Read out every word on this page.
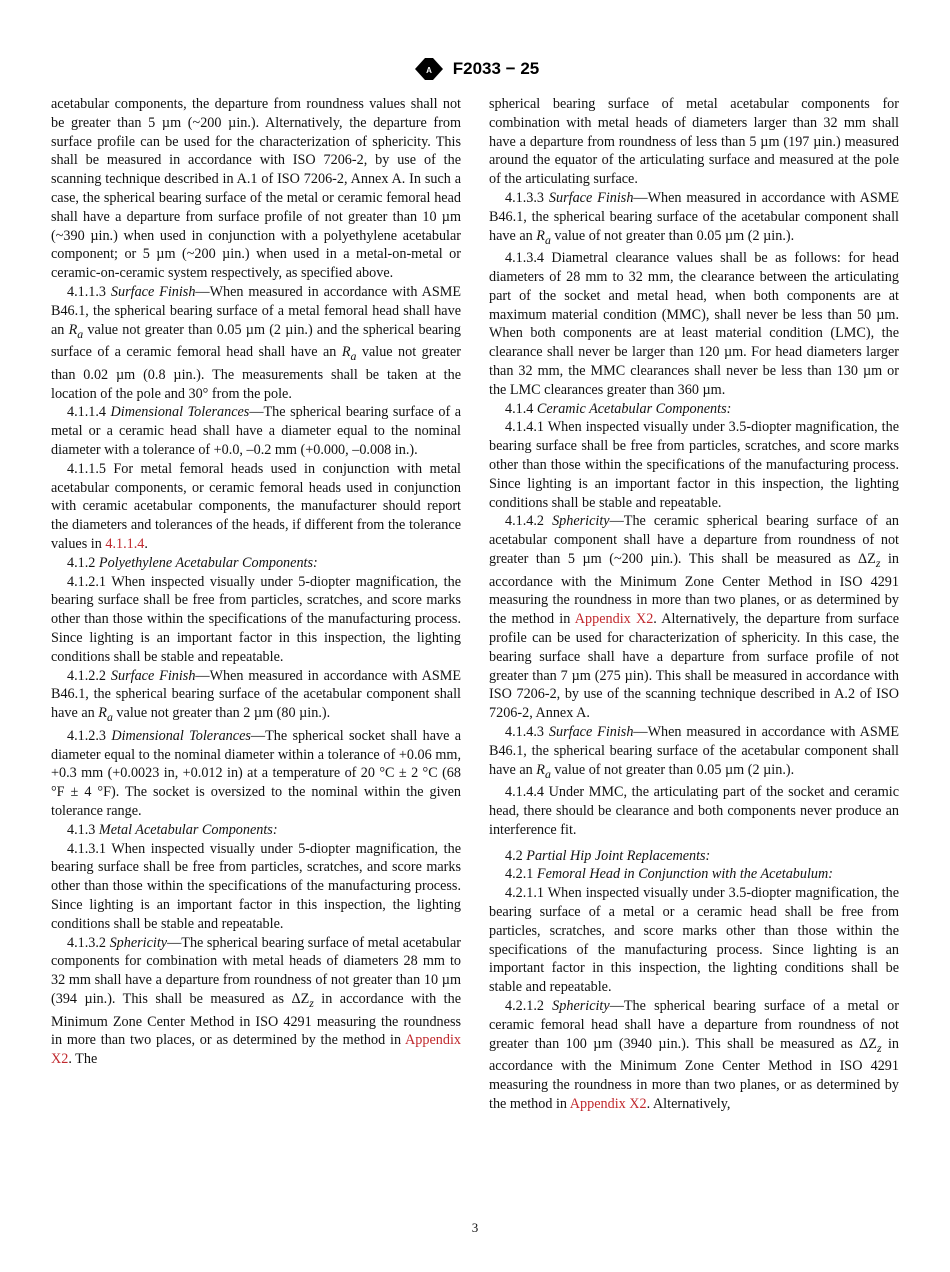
A F2033 − 25

acetabular components, the departure from roundness values shall not be greater than 5 µm (~200 µin.). Alternatively, the departure from surface profile can be used for the characterization of sphericity. This shall be measured in accordance with ISO 7206-2, by use of the scanning technique described in A.1 of ISO 7206-2, Annex A. In such a case, the spherical bearing surface of the metal or ceramic femoral head shall have a departure from surface profile of not greater than 10 µm (~390 µin.) when used in conjunction with a polyethylene acetabular component; or 5 µm (~200 µin.) when used in a metal-on-metal or ceramic-on-ceramic system respectively, as specified above.

4.1.1.3 Surface Finish—When measured in accordance with ASME B46.1, the spherical bearing surface of a metal femoral head shall have an $R_a$ value not greater than 0.05 µm (2 µin.) and the spherical bearing surface of a ceramic femoral head shall have an $R_a$ value not greater than 0.02 µm (0.8 µin.). The measurements shall be taken at the location of the pole and 30° from the pole.

4.1.1.4 Dimensional Tolerances—The spherical bearing surface of a metal or a ceramic head shall have a diameter equal to the nominal diameter with a tolerance of +0.0, –0.2 mm (+0.000, –0.008 in.).

4.1.1.5 For metal femoral heads used in conjunction with metal acetabular components, or ceramic femoral heads used in conjunction with ceramic acetabular components, the manufacturer should report the diameters and tolerances of the heads, if different from the tolerance values in 4.1.1.4.

4.1.2 Polyethylene Acetabular Components:

4.1.2.1 When inspected visually under 5-diopter magnification, the bearing surface shall be free from particles, scratches, and score marks other than those within the specifications of the manufacturing process. Since lighting is an important factor in this inspection, the lighting conditions shall be stable and repeatable.

4.1.2.2 Surface Finish—When measured in accordance with ASME B46.1, the spherical bearing surface of the acetabular component shall have an $R_a$ value not greater than 2 µm (80 µin.).

4.1.2.3 Dimensional Tolerances—The spherical socket shall have a diameter equal to the nominal diameter within a tolerance of +0.06 mm, +0.3 mm (+0.0023 in, +0.012 in) at a temperature of 20 °C ± 2 °C (68 °F ± 4 °F). The socket is oversized to the nominal within the given tolerance range.

4.1.3 Metal Acetabular Components:

4.1.3.1 When inspected visually under 5-diopter magnification, the bearing surface shall be free from particles, scratches, and score marks other than those within the specifications of the manufacturing process. Since lighting is an important factor in this inspection, the lighting conditions shall be stable and repeatable.

4.1.3.2 Sphericity—The spherical bearing surface of metal acetabular components for combination with metal heads of diameters 28 mm to 32 mm shall have a departure from roundness of not greater than 10 µm (394 µin.). This shall be measured as $\Delta Z_z$ in accordance with the Minimum Zone Center Method in ISO 4291 measuring the roundness in more than two places, or as determined by the method in Appendix X2. The

spherical bearing surface of metal acetabular components for combination with metal heads of diameters larger than 32 mm shall have a departure from roundness of less than 5 µm (197 µin.) measured around the equator of the articulating surface and measured at the pole of the articulating surface.

4.1.3.3 Surface Finish—When measured in accordance with ASME B46.1, the spherical bearing surface of the acetabular component shall have an $R_a$ value of not greater than 0.05 µm (2 µin.).

4.1.3.4 Diametral clearance values shall be as follows: for head diameters of 28 mm to 32 mm, the clearance between the articulating part of the socket and metal head, when both components are at maximum material condition (MMC), shall never be less than 50 µm. When both components are at least material condition (LMC), the clearance shall never be larger than 120 µm. For head diameters larger than 32 mm, the MMC clearances shall never be less than 130 µm or the LMC clearances greater than 360 µm.

4.1.4 Ceramic Acetabular Components:

4.1.4.1 When inspected visually under 3.5-diopter magnification, the bearing surface shall be free from particles, scratches, and score marks other than those within the specifications of the manufacturing process. Since lighting is an important factor in this inspection, the lighting conditions shall be stable and repeatable.

4.1.4.2 Sphericity—The ceramic spherical bearing surface of an acetabular component shall have a departure from roundness of not greater than 5 µm (~200 µin.). This shall be measured as $\Delta Z_z$ in accordance with the Minimum Zone Center Method in ISO 4291 measuring the roundness in more than two planes, or as determined by the method in Appendix X2. Alternatively, the departure from surface profile can be used for characterization of sphericity. In this case, the bearing surface shall have a departure from surface profile of not greater than 7 µm (275 µin). This shall be measured in accordance with ISO 7206-2, by use of the scanning technique described in A.2 of ISO 7206-2, Annex A.

4.1.4.3 Surface Finish—When measured in accordance with ASME B46.1, the spherical bearing surface of the acetabular component shall have an $R_a$ value of not greater than 0.05 µm (2 µin.).

4.1.4.4 Under MMC, the articulating part of the socket and ceramic head, there should be clearance and both components never produce an interference fit.

4.2 Partial Hip Joint Replacements:

4.2.1 Femoral Head in Conjunction with the Acetabulum:

4.2.1.1 When inspected visually under 3.5-diopter magnification, the bearing surface of a metal or a ceramic head shall be free from particles, scratches, and score marks other than those within the specifications of the manufacturing process. Since lighting is an important factor in this inspection, the lighting conditions shall be stable and repeatable.

4.2.1.2 Sphericity—The spherical bearing surface of a metal or ceramic femoral head shall have a departure from roundness of not greater than 100 µm (3940 µin.). This shall be measured as $\Delta Z_z$ in accordance with the Minimum Zone Center Method in ISO 4291 measuring the roundness in more than two planes, or as determined by the method in Appendix X2. Alternatively,

3
